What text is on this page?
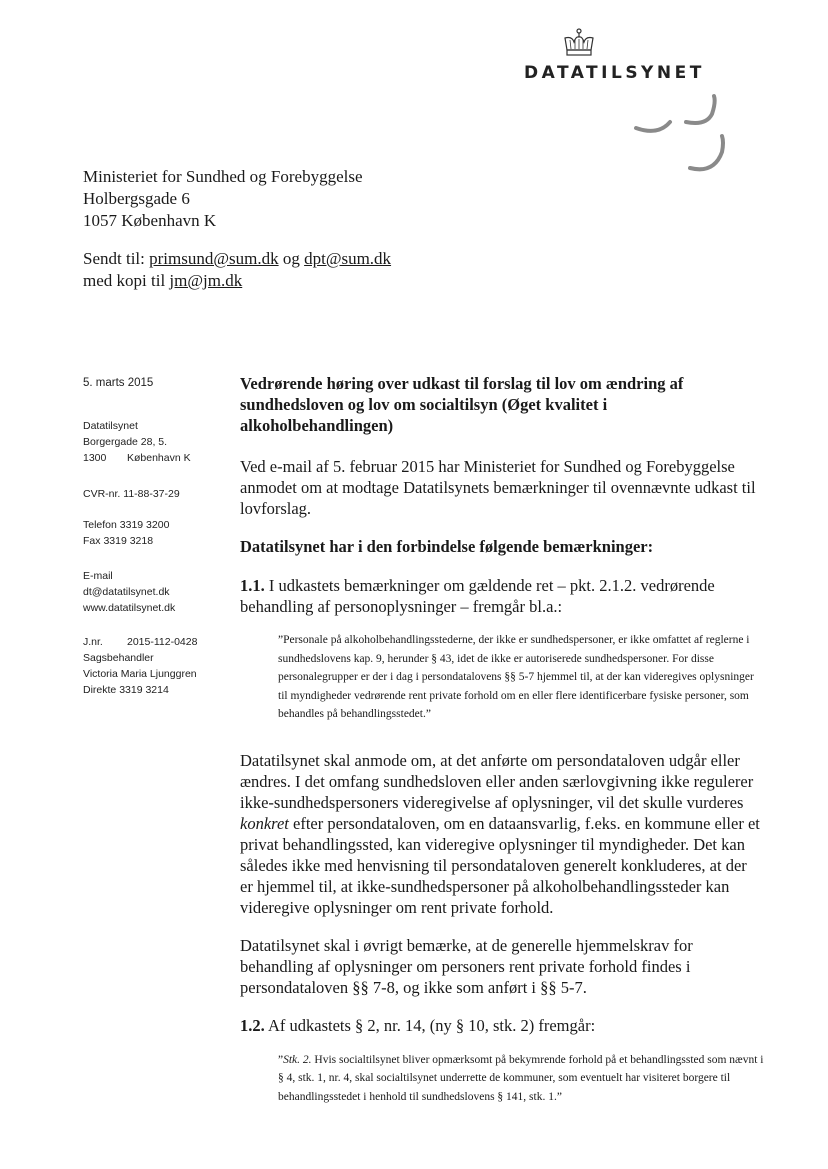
DATATILSYNET
Ministeriet for Sundhed og Forebyggelse
Holbergsgade 6
1057 København K
Sendt til: primsund@sum.dk og dpt@sum.dk
med kopi til jm@jm.dk
5. marts 2015
Datatilsynet
Borgergade 28, 5.
1300 København K
CVR-nr. 11-88-37-29
Telefon 3319 3200
Fax 3319 3218
E-mail
dt@datatilsynet.dk
www.datatilsynet.dk
J.nr. 2015-112-0428
Sagsbehandler
Victoria Maria Ljunggren
Direkte 3319 3214

Vedrørende høring over udkast til forslag til lov om ændring af sundhedsloven og lov om socialtilsyn (Øget kvalitet i alkoholbehandlingen)

Ved e-mail af 5. februar 2015 har Ministeriet for Sundhed og Forebyggelse anmodet om at modtage Datatilsynets bemærkninger til ovennævnte udkast til lovforslag.

Datatilsynet har i den forbindelse følgende bemærkninger:

1.1. I udkastets bemærkninger om gældende ret – pkt. 2.1.2. vedrørende behandling af personoplysninger – fremgår bl.a.:

”Personale på alkoholbehandlingsstederne, der ikke er sundhedspersoner, er ikke omfattet af reglerne i sundhedslovens kap. 9, herunder § 43, idet de ikke er autoriserede sundhedspersoner. For disse personalegrupper er der i dag i persondatalovens §§ 5-7 hjemmel til, at der kan videregives oplysninger til myndigheder vedrørende rent private forhold om en eller flere identificerbare fysiske personer, som behandles på behandlingsstedet.”

Datatilsynet skal anmode om, at det anførte om persondataloven udgår eller ændres. I det omfang sundhedsloven eller anden særlovgivning ikke regulerer ikke-sundhedspersoners videregivelse af oplysninger, vil det skulle vurderes konkret efter persondataloven, om en dataansvarlig, f.eks. en kommune eller et privat behandlingssted, kan videregive oplysninger til myndigheder. Det kan således ikke med henvisning til persondataloven generelt konkluderes, at der er hjemmel til, at ikke-sundhedspersoner på alkoholbehandlingssteder kan videregive oplysninger om rent private forhold.

Datatilsynet skal i øvrigt bemærke, at de generelle hjemmelskrav for behandling af oplysninger om personers rent private forhold findes i persondataloven §§ 7-8, og ikke som anført i §§ 5-7.

1.2. Af udkastets § 2, nr. 14, (ny § 10, stk. 2) fremgår:

”Stk. 2. Hvis socialtilsynet bliver opmærksomt på bekymrende forhold på et behandlingssted som nævnt i § 4, stk. 1, nr. 4, skal socialtilsynet underrette de kommuner, som eventuelt har visiteret borgere til behandlingsstedet i henhold til sundhedslovens § 141, stk. 1.”
